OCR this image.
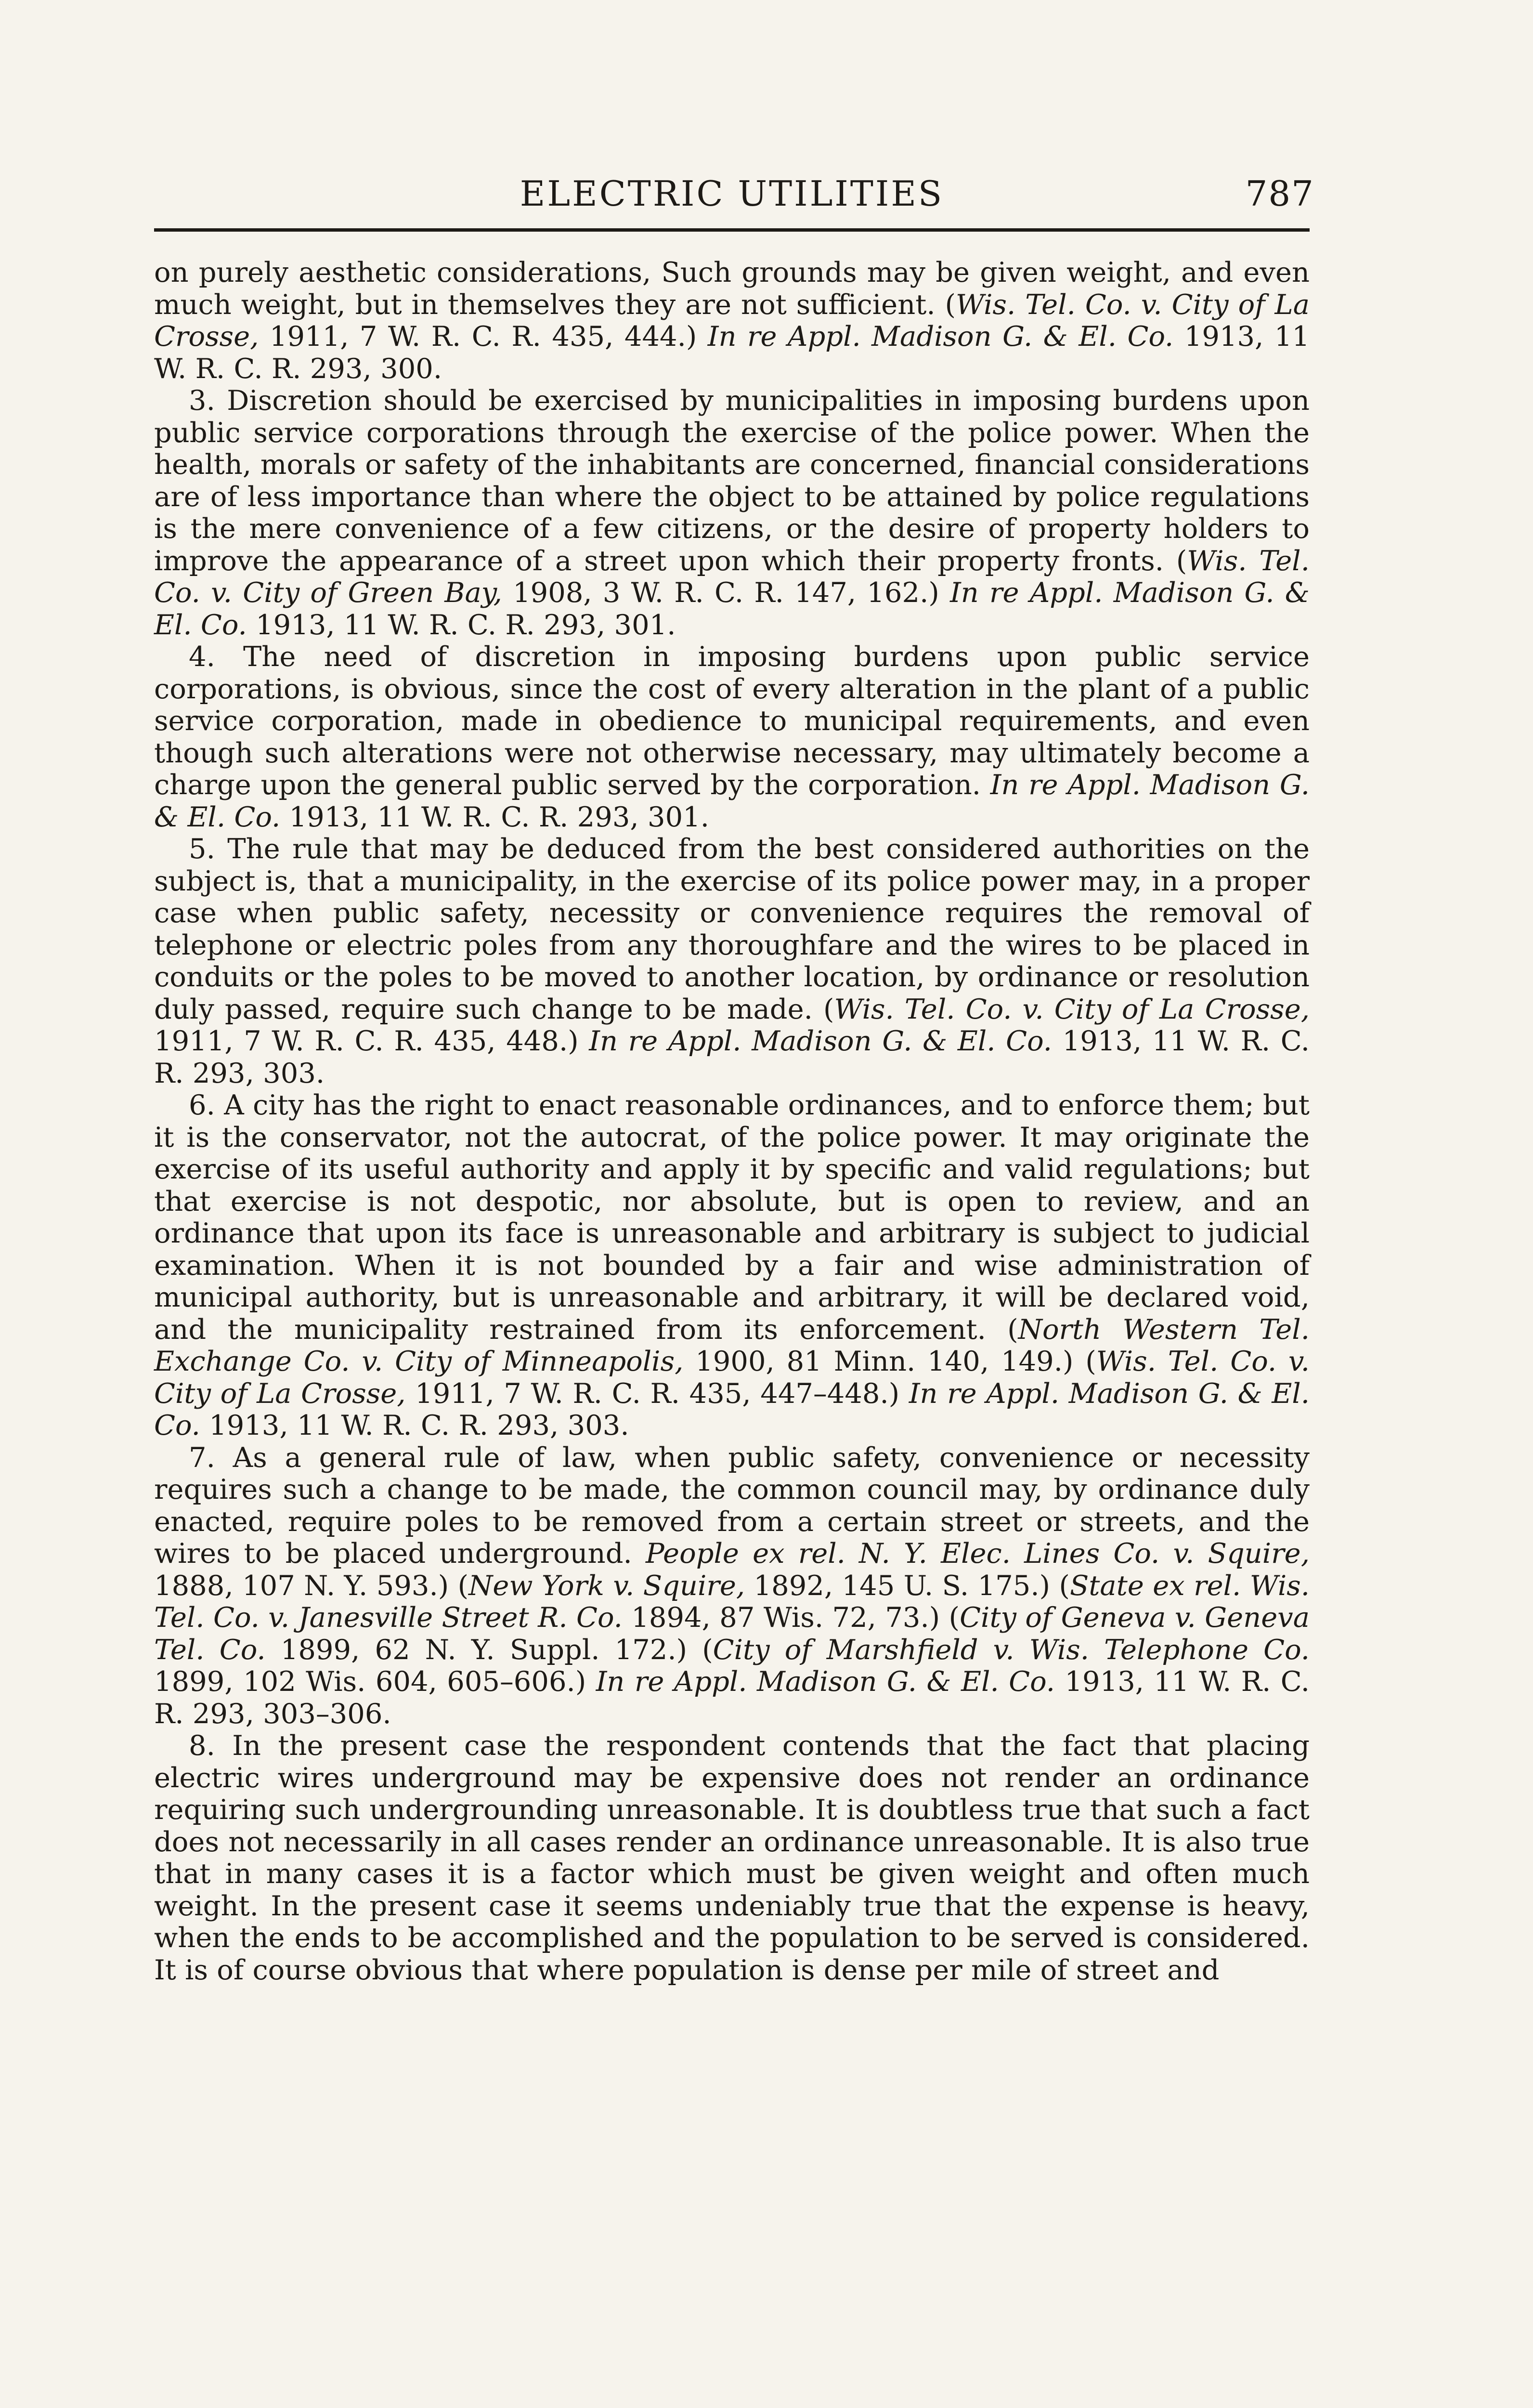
ELECTRIC UTILITIES	787

on purely aesthetic considerations, Such grounds may be given weight, and even much weight, but in themselves they are not sufficient. (Wis. Tel. Co. v. City of La Crosse, 1911, 7 W. R. C. R. 435, 444.) In re Appl. Madison G. & El. Co. 1913, 11 W. R. C. R. 293, 300.

3. Discretion should be exercised by municipalities in imposing burdens upon public service corporations through the exercise of the police power. When the health, morals or safety of the inhabitants are concerned, financial considerations are of less importance than where the object to be attained by police regulations is the mere convenience of a few citizens, or the desire of property holders to improve the appearance of a street upon which their property fronts. (Wis. Tel. Co. v. City of Green Bay, 1908, 3 W. R. C. R. 147, 162.) In re Appl. Madison G. & El. Co. 1913, 11 W. R. C. R. 293, 301.

4. The need of discretion in imposing burdens upon public service corporations, is obvious, since the cost of every alteration in the plant of a public service corporation, made in obedience to municipal requirements, and even though such alterations were not otherwise necessary, may ultimately become a charge upon the general public served by the corporation. In re Appl. Madison G. & El. Co. 1913, 11 W. R. C. R. 293, 301.

5. The rule that may be deduced from the best considered authorities on the subject is, that a municipality, in the exercise of its police power may, in a proper case when public safety, necessity or convenience requires the removal of telephone or electric poles from any thoroughfare and the wires to be placed in conduits or the poles to be moved to another location, by ordinance or resolution duly passed, require such change to be made. (Wis. Tel. Co. v. City of La Crosse, 1911, 7 W. R. C. R. 435, 448.) In re Appl. Madison G. & El. Co. 1913, 11 W. R. C. R. 293, 303.

6. A city has the right to enact reasonable ordinances, and to enforce them; but it is the conservator, not the autocrat, of the police power. It may originate the exercise of its useful authority and apply it by specific and valid regulations; but that exercise is not despotic, nor absolute, but is open to review, and an ordinance that upon its face is unreasonable and arbitrary is subject to judicial examination. When it is not bounded by a fair and wise administration of municipal authority, but is unreasonable and arbitrary, it will be declared void, and the municipality restrained from its enforcement. (North Western Tel. Exchange Co. v. City of Minneapolis, 1900, 81 Minn. 140, 149.) (Wis. Tel. Co. v. City of La Crosse, 1911, 7 W. R. C. R. 435, 447–448.) In re Appl. Madison G. & El. Co. 1913, 11 W. R. C. R. 293, 303.

7. As a general rule of law, when public safety, convenience or necessity requires such a change to be made, the common council may, by ordinance duly enacted, require poles to be removed from a certain street or streets, and the wires to be placed underground. People ex rel. N. Y. Elec. Lines Co. v. Squire, 1888, 107 N. Y. 593.) (New York v. Squire, 1892, 145 U. S. 175.) (State ex rel. Wis. Tel. Co. v. Janesville Street R. Co. 1894, 87 Wis. 72, 73.) (City of Geneva v. Geneva Tel. Co. 1899, 62 N. Y. Suppl. 172.) (City of Marshfield v. Wis. Telephone Co. 1899, 102 Wis. 604, 605–606.) In re Appl. Madison G. & El. Co. 1913, 11 W. R. C. R. 293, 303–306.

8. In the present case the respondent contends that the fact that placing electric wires underground may be expensive does not render an ordinance requiring such undergrounding unreasonable. It is doubtless true that such a fact does not necessarily in all cases render an ordinance unreasonable. It is also true that in many cases it is a factor which must be given weight and often much weight. In the present case it seems undeniably true that the expense is heavy, when the ends to be accomplished and the population to be served is considered. It is of course obvious that where population is dense per mile of street and
